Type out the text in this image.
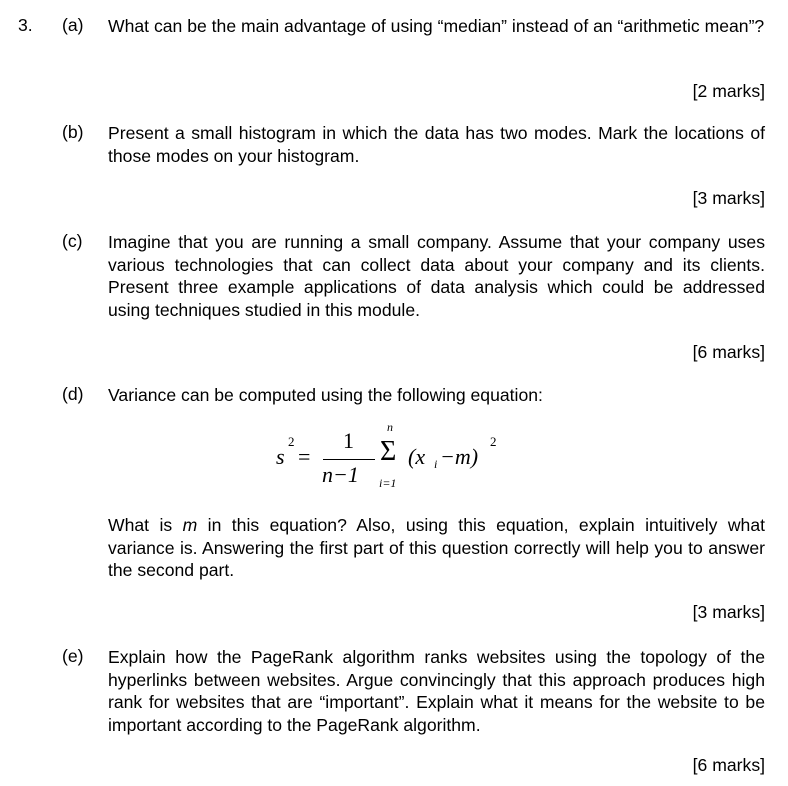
3. (a) What can be the main advantage of using “median” instead of an “arithmetic mean”?
[2 marks]
(b) Present a small histogram in which the data has two modes. Mark the locations of those modes on your histogram.
[3 marks]
(c) Imagine that you are running a small company. Assume that your company uses various technologies that can collect data about your company and its clients. Present three example applications of data analysis which could be addressed using techniques studied in this module.
[6 marks]
(d) Variance can be computed using the following equation:
s
2
=
1
n−1
n
Σ
i=1
(x i −m)
2
What is m in this equation? Also, using this equation, explain intuitively what variance is. Answering the first part of this question correctly will help you to answer the second part.
[3 marks]
(e) Explain how the PageRank algorithm ranks websites using the topology of the hyperlinks between websites. Argue convincingly that this approach produces high rank for websites that are “important”. Explain what it means for the website to be important according to the PageRank algorithm.
[6 marks]
